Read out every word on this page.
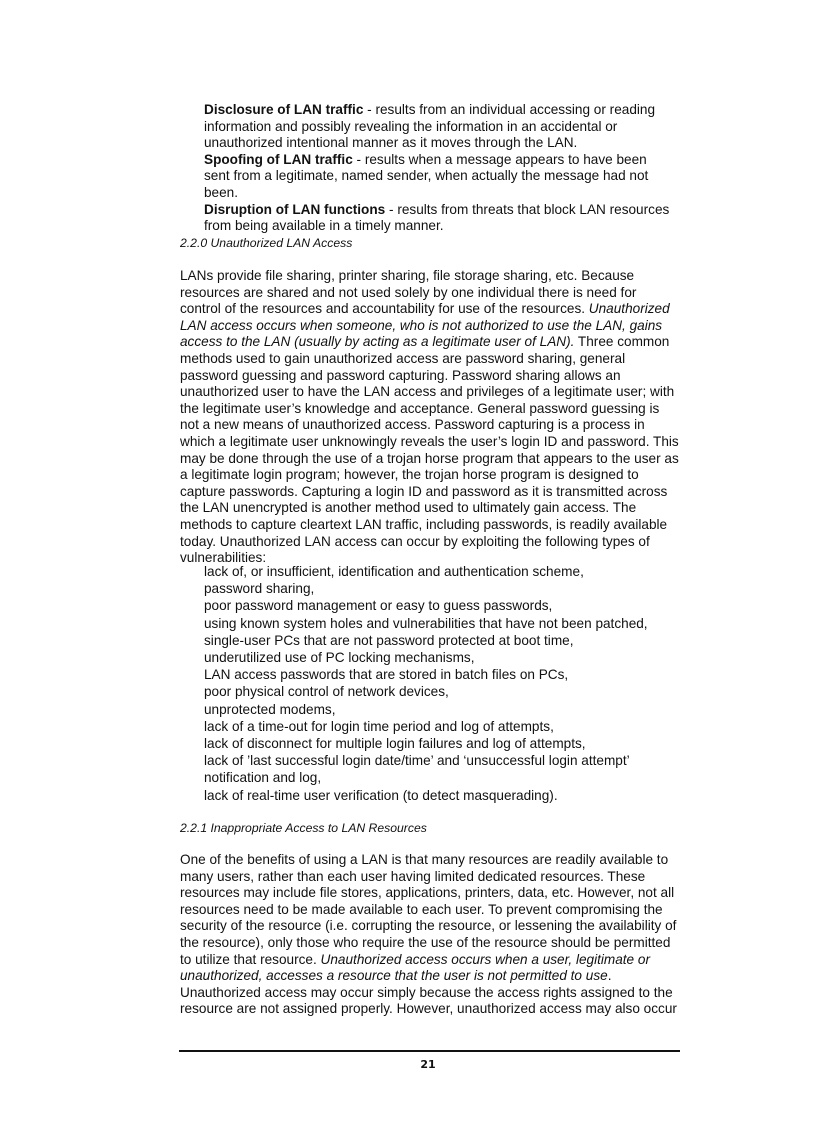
Disclosure of LAN traffic - results from an individual accessing or reading information and possibly revealing the information in an accidental or unauthorized intentional manner as it moves through the LAN.

Spoofing of LAN traffic - results when a message appears to have been sent from a legitimate, named sender, when actually the message had not been.

Disruption of LAN functions - results from threats that block LAN resources from being available in a timely manner.

2.2.0 Unauthorized LAN Access

LANs provide file sharing, printer sharing, file storage sharing, etc. Because resources are shared and not used solely by one individual there is need for control of the resources and accountability for use of the resources. Unauthorized LAN access occurs when someone, who is not authorized to use the LAN, gains access to the LAN (usually by acting as a legitimate user of LAN). Three common methods used to gain unauthorized access are password sharing, general password guessing and password capturing. Password sharing allows an unauthorized user to have the LAN access and privileges of a legitimate user; with the legitimate user’s knowledge and acceptance. General password guessing is not a new means of unauthorized access. Password capturing is a process in which a legitimate user unknowingly reveals the user’s login ID and password. This may be done through the use of a trojan horse program that appears to the user as a legitimate login program; however, the trojan horse program is designed to capture passwords. Capturing a login ID and password as it is transmitted across the LAN unencrypted is another method used to ultimately gain access. The methods to capture cleartext LAN traffic, including passwords, is readily available today. Unauthorized LAN access can occur by exploiting the following types of vulnerabilities:

lack of, or insufficient, identification and authentication scheme,
password sharing,
poor password management or easy to guess passwords,
using known system holes and vulnerabilities that have not been patched,
single-user PCs that are not password protected at boot time,
underutilized use of PC locking mechanisms,
LAN access passwords that are stored in batch files on PCs,
poor physical control of network devices,
unprotected modems,
lack of a time-out for login time period and log of attempts,
lack of disconnect for multiple login failures and log of attempts,
lack of ’last successful login date/time’ and ‘unsuccessful login attempt’ notification and log,
lack of real-time user verification (to detect masquerading).

2.2.1 Inappropriate Access to LAN Resources

One of the benefits of using a LAN is that many resources are readily available to many users, rather than each user having limited dedicated resources. These resources may include file stores, applications, printers, data, etc. However, not all resources need to be made available to each user. To prevent compromising the security of the resource (i.e. corrupting the resource, or lessening the availability of the resource), only those who require the use of the resource should be permitted to utilize that resource. Unauthorized access occurs when a user, legitimate or unauthorized, accesses a resource that the user is not permitted to use. Unauthorized access may occur simply because the access rights assigned to the resource are not assigned properly. However, unauthorized access may also occur

21
